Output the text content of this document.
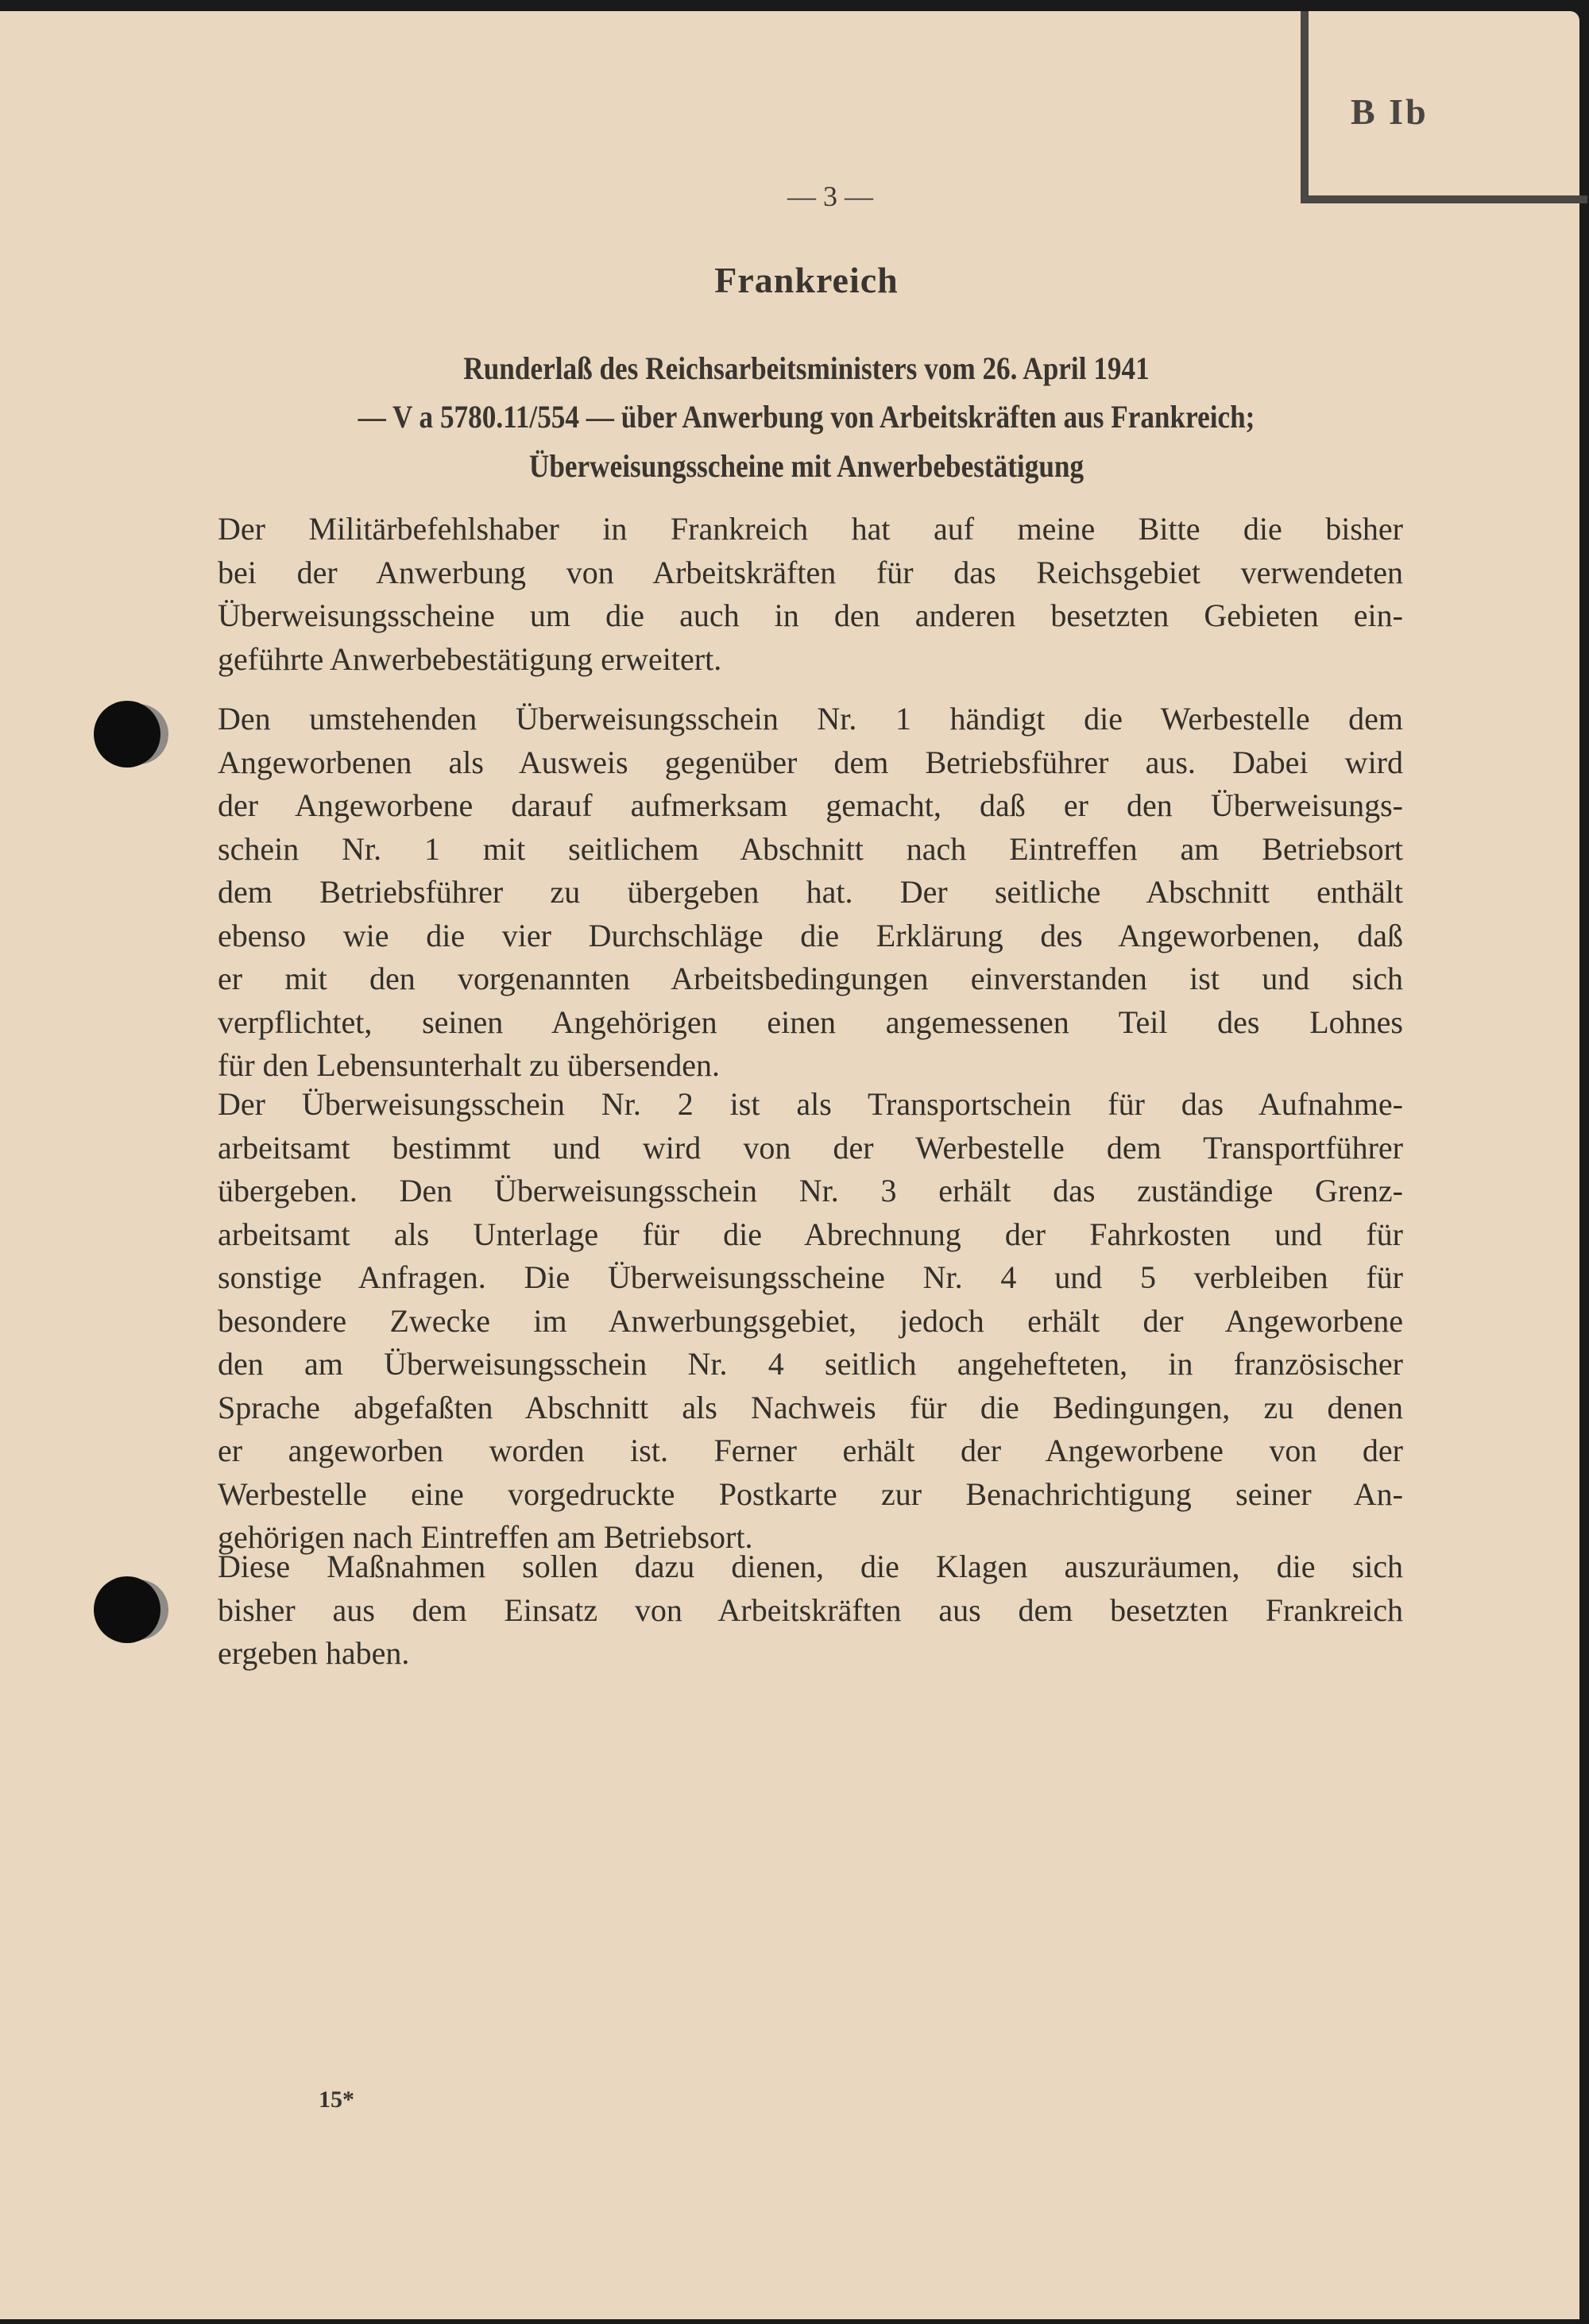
B Ib
— 3 —
Frankreich
Runderlaß des Reichsarbeitsministers vom 26. April 1941
— V a 5780.11/554 — über Anwerbung von Arbeitskräften aus Frankreich;
Überweisungsscheine mit Anwerbebestätigung
Der Militärbefehlshaber in Frankreich hat auf meine Bitte die bisher
bei der Anwerbung von Arbeitskräften für das Reichsgebiet verwendeten
Überweisungsscheine um die auch in den anderen besetzten Gebieten ein-
geführte Anwerbebestätigung erweitert.
Den umstehenden Überweisungsschein Nr. 1 händigt die Werbestelle dem
Angeworbenen als Ausweis gegenüber dem Betriebsführer aus. Dabei wird
der Angeworbene darauf aufmerksam gemacht, daß er den Überweisungs-
schein Nr. 1 mit seitlichem Abschnitt nach Eintreffen am Betriebsort
dem Betriebsführer zu übergeben hat. Der seitliche Abschnitt enthält
ebenso wie die vier Durchschläge die Erklärung des Angeworbenen, daß
er mit den vorgenannten Arbeitsbedingungen einverstanden ist und sich
verpflichtet, seinen Angehörigen einen angemessenen Teil des Lohnes
für den Lebensunterhalt zu übersenden.
Der Überweisungsschein Nr. 2 ist als Transportschein für das Aufnahme-
arbeitsamt bestimmt und wird von der Werbestelle dem Transportführer
übergeben. Den Überweisungsschein Nr. 3 erhält das zuständige Grenz-
arbeitsamt als Unterlage für die Abrechnung der Fahrkosten und für
sonstige Anfragen. Die Überweisungsscheine Nr. 4 und 5 verbleiben für
besondere Zwecke im Anwerbungsgebiet, jedoch erhält der Angeworbene
den am Überweisungsschein Nr. 4 seitlich angehefteten, in französischer
Sprache abgefaßten Abschnitt als Nachweis für die Bedingungen, zu denen
er angeworben worden ist. Ferner erhält der Angeworbene von der
Werbestelle eine vorgedruckte Postkarte zur Benachrichtigung seiner An-
gehörigen nach Eintreffen am Betriebsort.
Diese Maßnahmen sollen dazu dienen, die Klagen auszuräumen, die sich
bisher aus dem Einsatz von Arbeitskräften aus dem besetzten Frankreich
ergeben haben.
15*
